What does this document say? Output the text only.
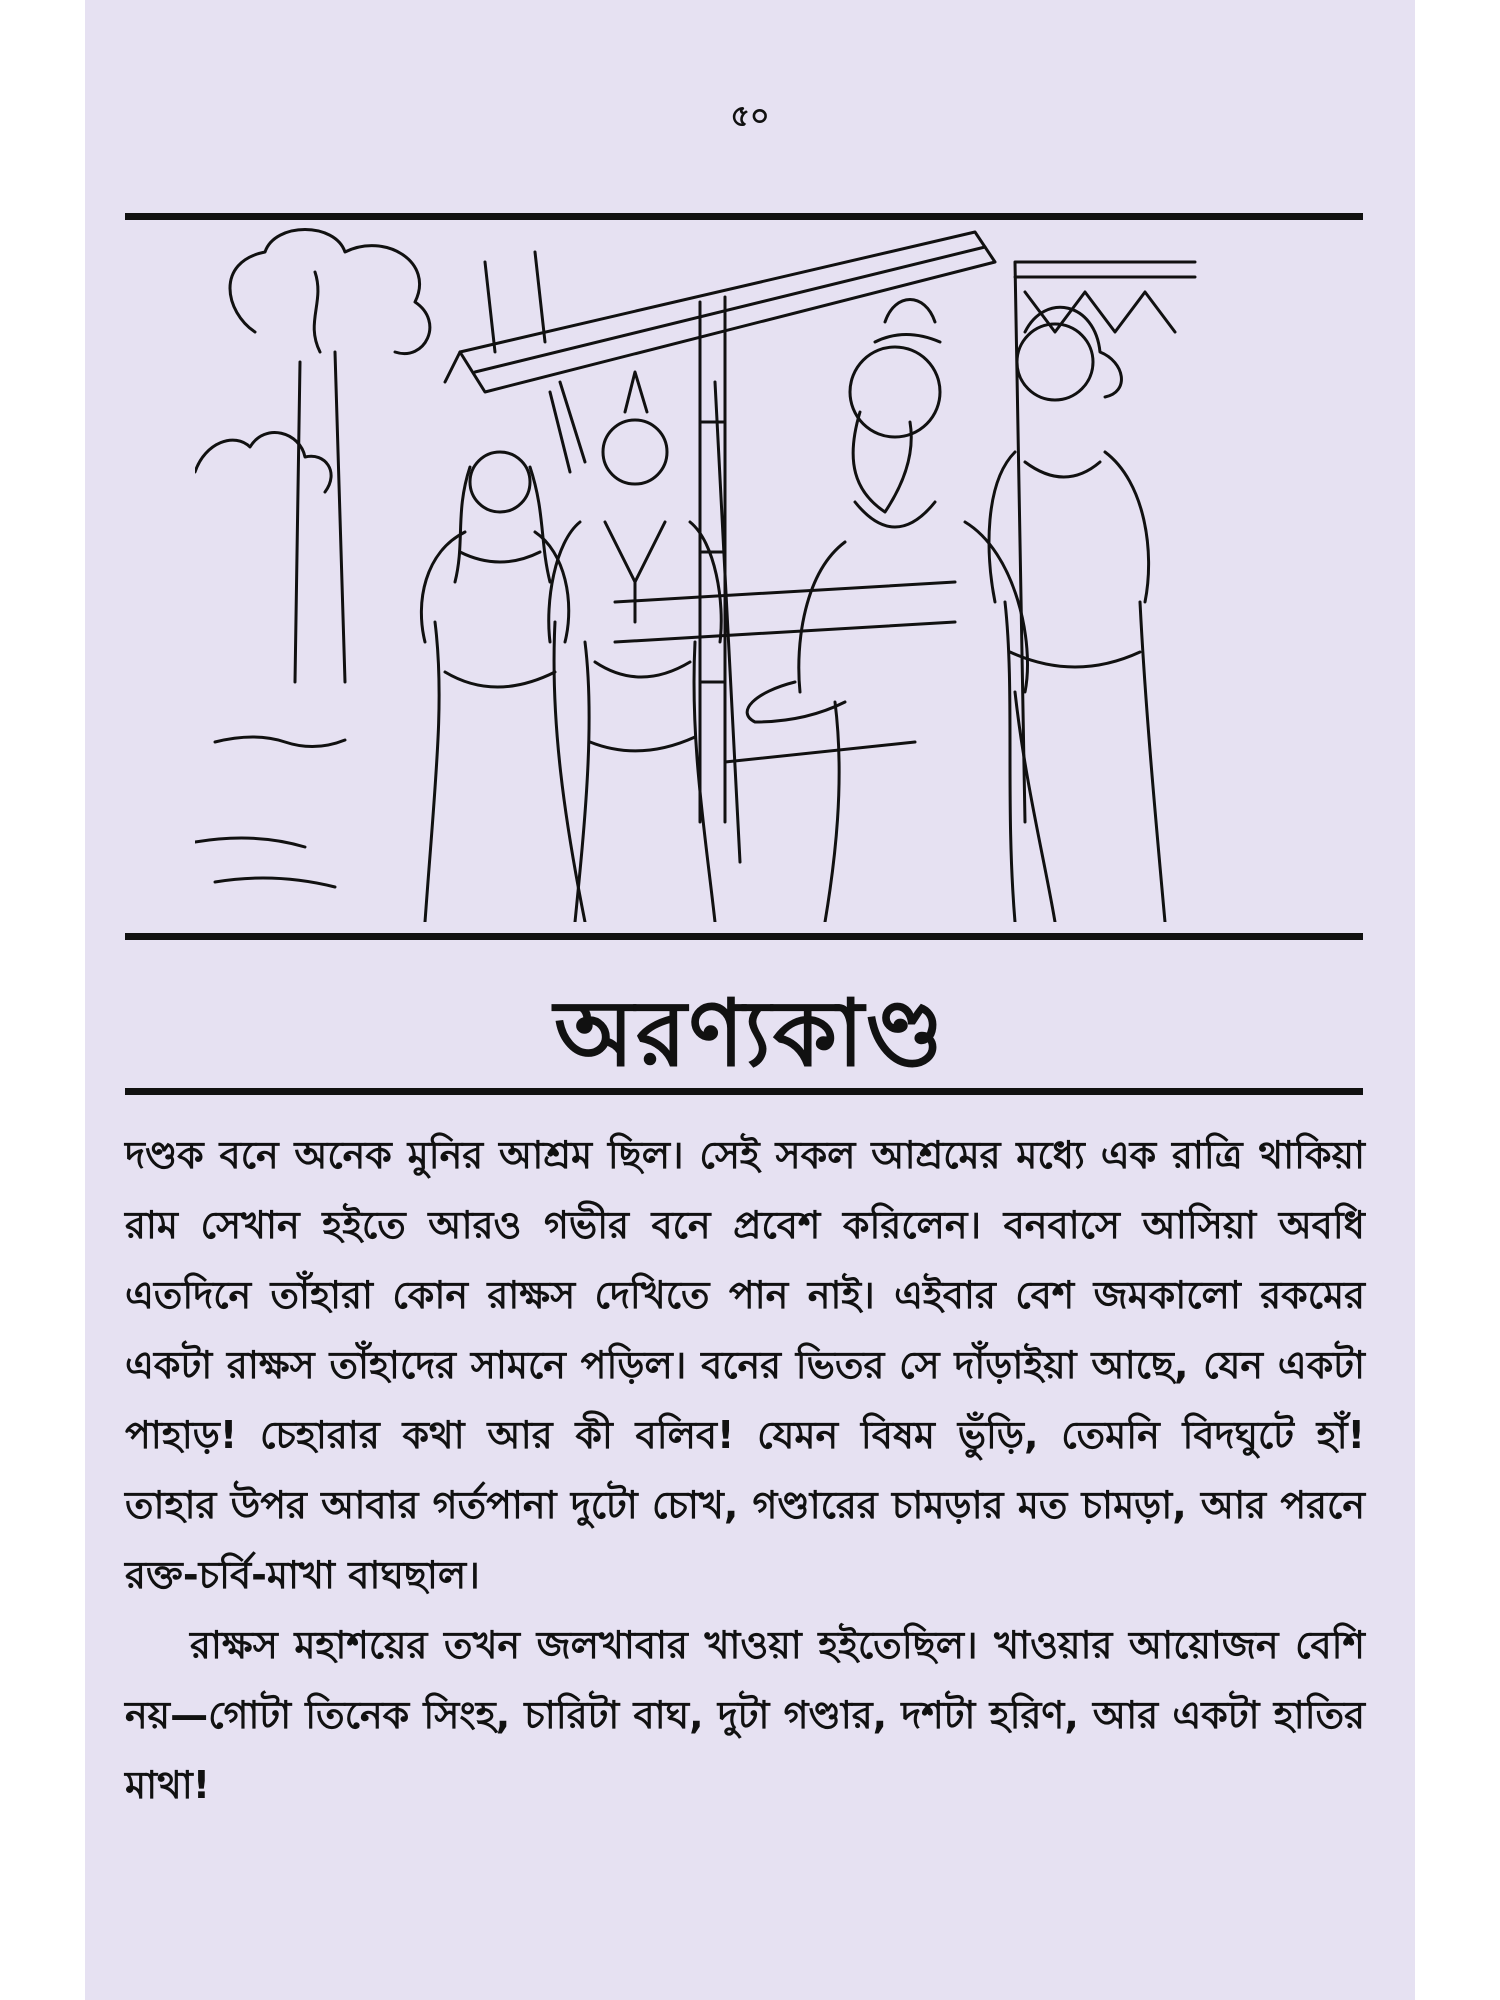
৫০
অরণ্যকাণ্ড

দণ্ডক বনে অনেক মুনির আশ্রম ছিল। সেই সকল আশ্রমের মধ্যে এক রাত্রি থাকিয়া রাম সেখান হইতে আরও গভীর বনে প্রবেশ করিলেন। বনবাসে আসিয়া অবধি এতদিনে তাঁহারা কোন রাক্ষস দেখিতে পান নাই। এইবার বেশ জমকালো রকমের একটা রাক্ষস তাঁহাদের সামনে পড়িল। বনের ভিতর সে দাঁড়াইয়া আছে, যেন একটা পাহাড়! চেহারার কথা আর কী বলিব! যেমন বিষম ভুঁড়ি, তেমনি বিদঘুটে হাঁ! তাহার উপর আবার গর্তপানা দুটো চোখ, গণ্ডারের চামড়ার মত চামড়া, আর পরনে রক্ত-চর্বি-মাখা বাঘছাল।

রাক্ষস মহাশয়ের তখন জলখাবার খাওয়া হইতেছিল। খাওয়ার আয়োজন বেশি নয়—গোটা তিনেক সিংহ, চারিটা বাঘ, দুটা গণ্ডার, দশটা হরিণ, আর একটা হাতির মাথা!
